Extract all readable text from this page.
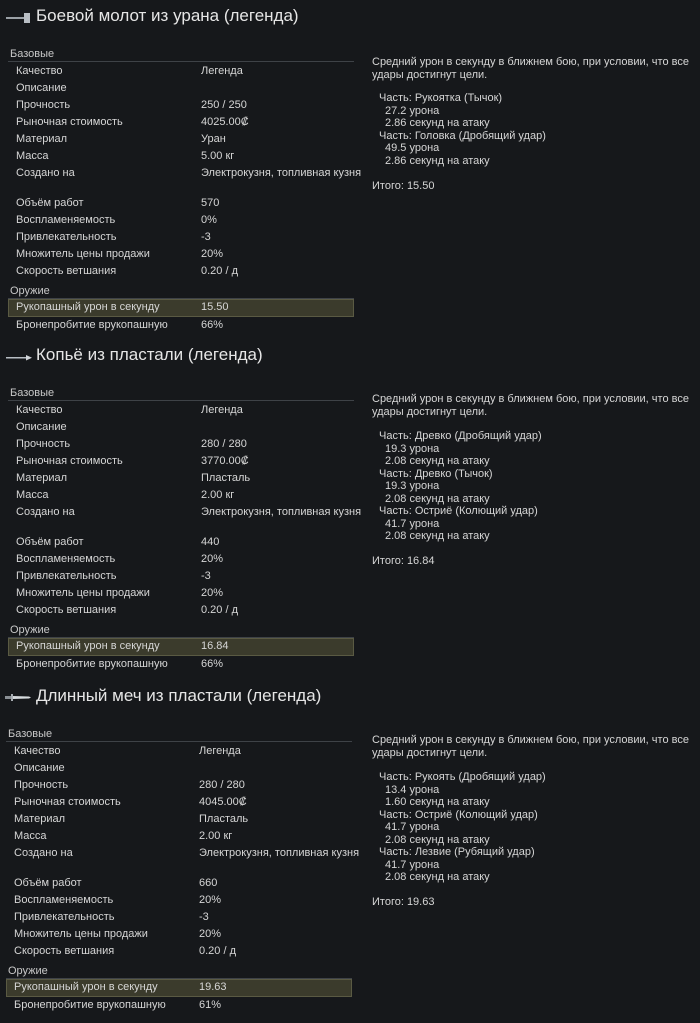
Боевой молот из урана (легенда)
Базовые
Качество	Легенда
Описание
Прочность	250 / 250
Рыночная стоимость	4025.00₡
Материал	Уран
Масса	5.00 кг
Создано на	Электрокузня, топливная кузня
Объём работ	570
Воспламеняемость	0%
Привлекательность	-3
Множитель цены продажи	20%
Скорость ветшания	0.20 / д
Оружие
Рукопашный урон в секунду	15.50
Бронепробитие врукопашную	66%
Средний урон в секунду в ближнем бою, при условии, что все удары достигнут цели.
Часть: Рукоятка (Тычок)
27.2 урона
2.86 секунд на атаку
Часть: Головка (Дробящий удар)
49.5 урона
2.86 секунд на атаку
Итого: 15.50
Копьё из пластали (легенда)
Базовые
Качество	Легенда
Описание
Прочность	280 / 280
Рыночная стоимость	3770.00₡
Материал	Пласталь
Масса	2.00 кг
Создано на	Электрокузня, топливная кузня
Объём работ	440
Воспламеняемость	20%
Привлекательность	-3
Множитель цены продажи	20%
Скорость ветшания	0.20 / д
Оружие
Рукопашный урон в секунду	16.84
Бронепробитие врукопашную	66%
Средний урон в секунду в ближнем бою, при условии, что все удары достигнут цели.
Часть: Древко (Дробящий удар)
19.3 урона
2.08 секунд на атаку
Часть: Древко (Тычок)
19.3 урона
2.08 секунд на атаку
Часть: Остриё (Колющий удар)
41.7 урона
2.08 секунд на атаку
Итого: 16.84
Длинный меч из пластали (легенда)
Базовые
Качество	Легенда
Описание
Прочность	280 / 280
Рыночная стоимость	4045.00₡
Материал	Пласталь
Масса	2.00 кг
Создано на	Электрокузня, топливная кузня
Объём работ	660
Воспламеняемость	20%
Привлекательность	-3
Множитель цены продажи	20%
Скорость ветшания	0.20 / д
Оружие
Рукопашный урон в секунду	19.63
Бронепробитие врукопашную	61%
Средний урон в секунду в ближнем бою, при условии, что все удары достигнут цели.
Часть: Рукоять (Дробящий удар)
13.4 урона
1.60 секунд на атаку
Часть: Остриё (Колющий удар)
41.7 урона
2.08 секунд на атаку
Часть: Лезвие (Рубящий удар)
41.7 урона
2.08 секунд на атаку
Итого: 19.63
